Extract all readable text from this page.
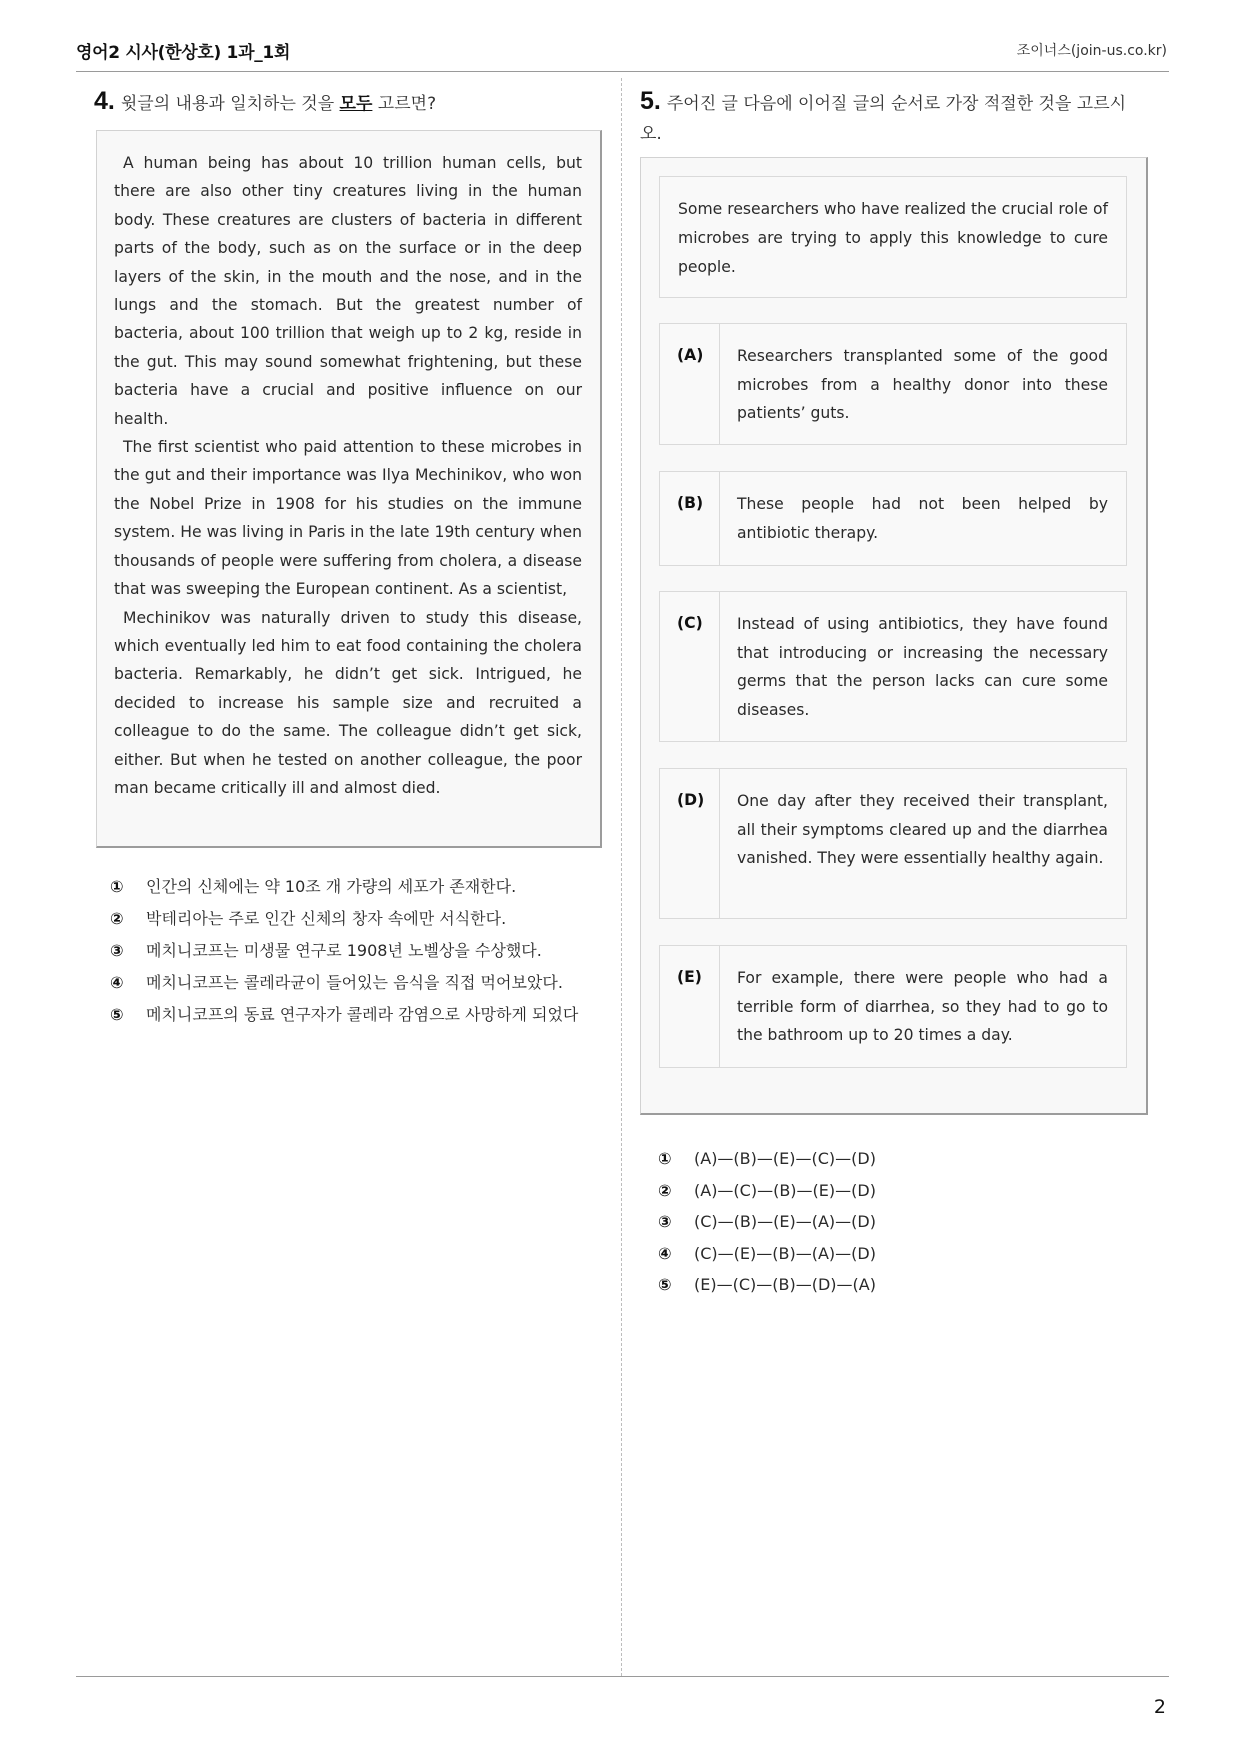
영어2 시사(한상호) 1과_1회	조이너스(join-us.co.kr)
4. 윗글의 내용과 일치하는 것을 모두 고르면?

A human being has about 10 trillion human cells, but there are also other tiny creatures living in the human body. These creatures are clusters of bacteria in different parts of the body, such as on the surface or in the deep layers of the skin, in the mouth and the nose, and in the lungs and the stomach. But the greatest number of bacteria, about 100 trillion that weigh up to 2 kg, reside in the gut. This may sound somewhat frightening, but these bacteria have a crucial and positive influence on our health.

The first scientist who paid attention to these microbes in the gut and their importance was Ilya Mechinikov, who won the Nobel Prize in 1908 for his studies on the immune system. He was living in Paris in the late 19th century when thousands of people were suffering from cholera, a disease that was sweeping the European continent. As a scientist,

Mechinikov was naturally driven to study this disease, which eventually led him to eat food containing the cholera bacteria. Remarkably, he didn’t get sick. Intrigued, he decided to increase his sample size and recruited a colleague to do the same. The colleague didn’t get sick, either. But when he tested on another colleague, the poor man became critically ill and almost died.

①	인간의 신체에는 약 10조 개 가량의 세포가 존재한다.
②	박테리아는 주로 인간 신체의 창자 속에만 서식한다.
③	메치니코프는 미생물 연구로 1908년 노벨상을 수상했다.
④	메치니코프는 콜레라균이 들어있는 음식을 직접 먹어보았다.
⑤	메치니코프의 동료 연구자가 콜레라 감염으로 사망하게 되었다
5. 주어진 글 다음에 이어질 글의 순서로 가장 적절한 것을 고르시오.
Some researchers who have realized the crucial role of microbes are trying to apply this knowledge to cure people.
(A)	Researchers transplanted some of the good microbes from a healthy donor into these patients’ guts.
(B)	These people had not been helped by antibiotic therapy.
(C)	Instead of using antibiotics, they have found that introducing or increasing the necessary germs that the person lacks can cure some diseases.
(D)	One day after they received their transplant, all their symptoms cleared up and the diarrhea vanished. They were essentially healthy again.
(E)	For example, there were people who had a terrible form of diarrhea, so they had to go to the bathroom up to 20 times a day.
①	(A)—(B)—(E)—(C)—(D)
②	(A)—(C)—(B)—(E)—(D)
③	(C)—(B)—(E)—(A)—(D)
④	(C)—(E)—(B)—(A)—(D)
⑤	(E)—(C)—(B)—(D)—(A)
2
